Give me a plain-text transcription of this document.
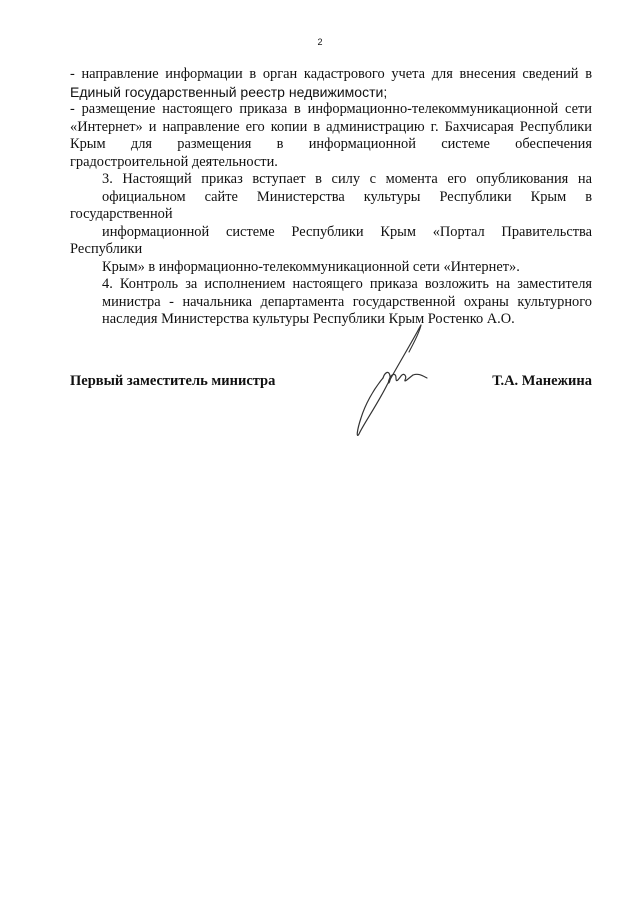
2

- направление информации в орган кадастрового учета для внесения сведений в
Единый государственный реестр недвижимости;

- размещение настоящего приказа в информационно-телекоммуникационной сети
«Интернет» и направление его копии в администрацию г. Бахчисарая Республики
Крым для размещения в информационной системе обеспечения
градостроительной деятельности.

3. Настоящий приказ вступает в силу с момента его опубликования на
официальном сайте Министерства культуры Республики Крым в государственной
информационной системе Республики Крым «Портал Правительства Республики
Крым» в информационно-телекоммуникационной сети «Интернет».

4. Контроль за исполнением настоящего приказа возложить на заместителя
министра - начальника департамента государственной охраны культурного
наследия Министерства культуры Республики Крым Ростенко А.О.

Первый заместитель министра	Т.А. Манежина
